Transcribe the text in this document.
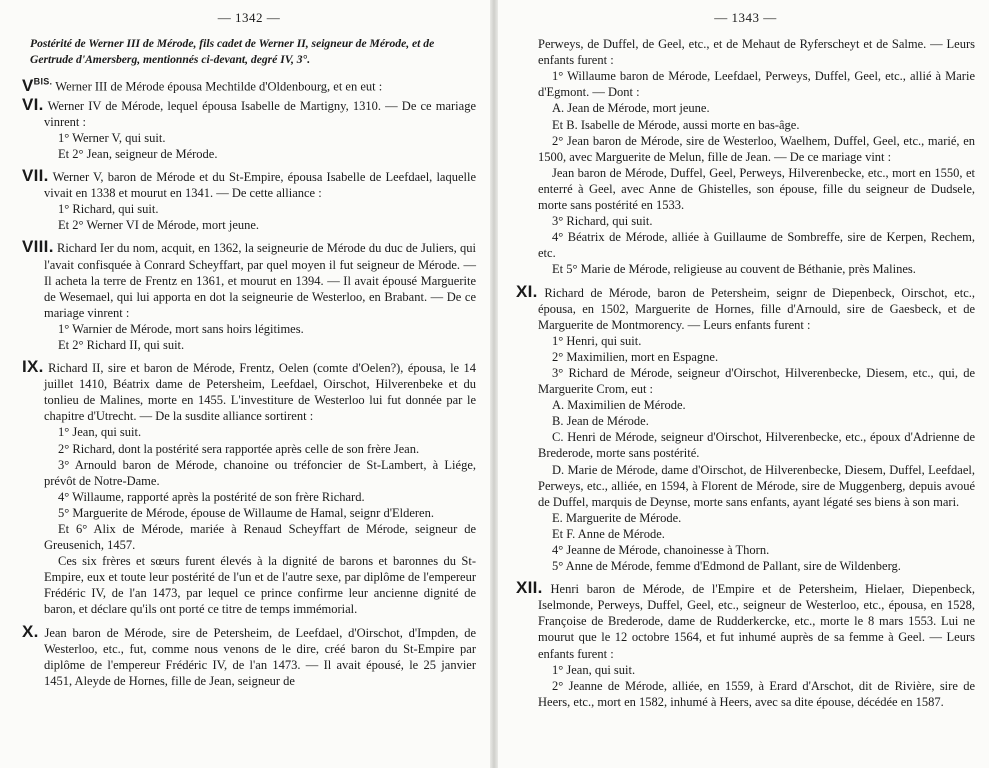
— 1342 —
Postérité de Werner III de Mérode, fils cadet de Werner II, seigneur de Mérode, et de Gertrude d'Amersberg, mentionnés ci-devant, degré IV, 3°.

$V^{BIS.}$ Werner III de Mérode épousa Mechtilde d'Oldenbourg, et en eut :

VI. Werner IV de Mérode, lequel épousa Isabelle de Martigny, 1310. — De ce mariage vinrent :

1° Werner V, qui suit.

Et 2° Jean, seigneur de Mérode.

VII. Werner V, baron de Mérode et du St-Empire, épousa Isabelle de Leefdael, laquelle vivait en 1338 et mourut en 1341. — De cette alliance :

1° Richard, qui suit.

Et 2° Werner VI de Mérode, mort jeune.

VIII. Richard Ier du nom, acquit, en 1362, la seigneurie de Mérode du duc de Juliers, qui l'avait confisquée à Conrard Scheyffart, par quel moyen il fut seigneur de Mérode. — Il acheta la terre de Frentz en 1361, et mourut en 1394. — Il avait épousé Marguerite de Wesemael, qui lui apporta en dot la seigneurie de Westerloo, en Brabant. — De ce mariage vinrent :

1° Warnier de Mérode, mort sans hoirs légitimes.

Et 2° Richard II, qui suit.

IX. Richard II, sire et baron de Mérode, Frentz, Oelen (comte d'Oelen?), épousa, le 14 juillet 1410, Béatrix dame de Petersheim, Leefdael, Oirschot, Hilverenbeke et du tonlieu de Malines, morte en 1455. L'investiture de Westerloo lui fut donnée par le chapitre d'Utrecht. — De la susdite alliance sortirent :

1° Jean, qui suit.

2° Richard, dont la postérité sera rapportée après celle de son frère Jean.

3° Arnould baron de Mérode, chanoine ou tréfoncier de St-Lambert, à Liége, prévôt de Notre-Dame.

4° Willaume, rapporté après la postérité de son frère Richard.

5° Marguerite de Mérode, épouse de Willaume de Hamal, seignr d'Elderen.

Et 6° Alix de Mérode, mariée à Renaud Scheyffart de Mérode, seigneur de Greusenich, 1457.

Ces six frères et sœurs furent élevés à la dignité de barons et baronnes du St-Empire, eux et toute leur postérité de l'un et de l'autre sexe, par diplôme de l'empereur Frédéric IV, de l'an 1473, par lequel ce prince confirme leur ancienne dignité de baron, et déclare qu'ils ont porté ce titre de temps immémorial.

X. Jean baron de Mérode, sire de Petersheim, de Leefdael, d'Oirschot, d'Impden, de Westerloo, etc., fut, comme nous venons de le dire, créé baron du St-Empire par diplôme de l'empereur Frédéric IV, de l'an 1473. — Il avait épousé, le 25 janvier 1451, Aleyde de Hornes, fille de Jean, seigneur de

— 1343 —

Perweys, de Duffel, de Geel, etc., et de Mehaut de Ryferscheyt et de Salme. — Leurs enfants furent :

1° Willaume baron de Mérode, Leefdael, Perweys, Duffel, Geel, etc., allié à Marie d'Egmont. — Dont :

A. Jean de Mérode, mort jeune.

Et B. Isabelle de Mérode, aussi morte en bas-âge.

2° Jean baron de Mérode, sire de Westerloo, Waelhem, Duffel, Geel, etc., marié, en 1500, avec Marguerite de Melun, fille de Jean. — De ce mariage vint :

Jean baron de Mérode, Duffel, Geel, Perweys, Hilverenbecke, etc., mort en 1550, et enterré à Geel, avec Anne de Ghistelles, son épouse, fille du seigneur de Dudsele, morte sans postérité en 1533.

3° Richard, qui suit.

4° Béatrix de Mérode, alliée à Guillaume de Sombreffe, sire de Kerpen, Rechem, etc.

Et 5° Marie de Mérode, religieuse au couvent de Béthanie, près Malines.

XI. Richard de Mérode, baron de Petersheim, seignr de Diepenbeck, Oirschot, etc., épousa, en 1502, Marguerite de Hornes, fille d'Arnould, sire de Gaesbeck, et de Marguerite de Montmorency. — Leurs enfants furent :

1° Henri, qui suit.

2° Maximilien, mort en Espagne.

3° Richard de Mérode, seigneur d'Oirschot, Hilverenbecke, Diesem, etc., qui, de Marguerite Crom, eut :

A. Maximilien de Mérode.

B. Jean de Mérode.

C. Henri de Mérode, seigneur d'Oirschot, Hilverenbecke, etc., époux d'Adrienne de Brederode, morte sans postérité.

D. Marie de Mérode, dame d'Oirschot, de Hilverenbecke, Diesem, Duffel, Leefdael, Perweys, etc., alliée, en 1594, à Florent de Mérode, sire de Muggenberg, depuis avoué de Duffel, marquis de Deynse, morte sans enfants, ayant légaté ses biens à son mari.

E. Marguerite de Mérode.

Et F. Anne de Mérode.

4° Jeanne de Mérode, chanoinesse à Thorn.

5° Anne de Mérode, femme d'Edmond de Pallant, sire de Wildenberg.

XII. Henri baron de Mérode, de l'Empire et de Petersheim, Hielaer, Diepenbeck, Iselmonde, Perweys, Duffel, Geel, etc., seigneur de Westerloo, etc., épousa, en 1528, Françoise de Brederode, dame de Rudderkercke, etc., morte le 8 mars 1553. Lui ne mourut que le 12 octobre 1564, et fut inhumé auprès de sa femme à Geel. — Leurs enfants furent :

1° Jean, qui suit.

2° Jeanne de Mérode, alliée, en 1559, à Erard d'Arschot, dit de Rivière, sire de Heers, etc., mort en 1582, inhumé à Heers, avec sa dite épouse, décédée en 1587.
